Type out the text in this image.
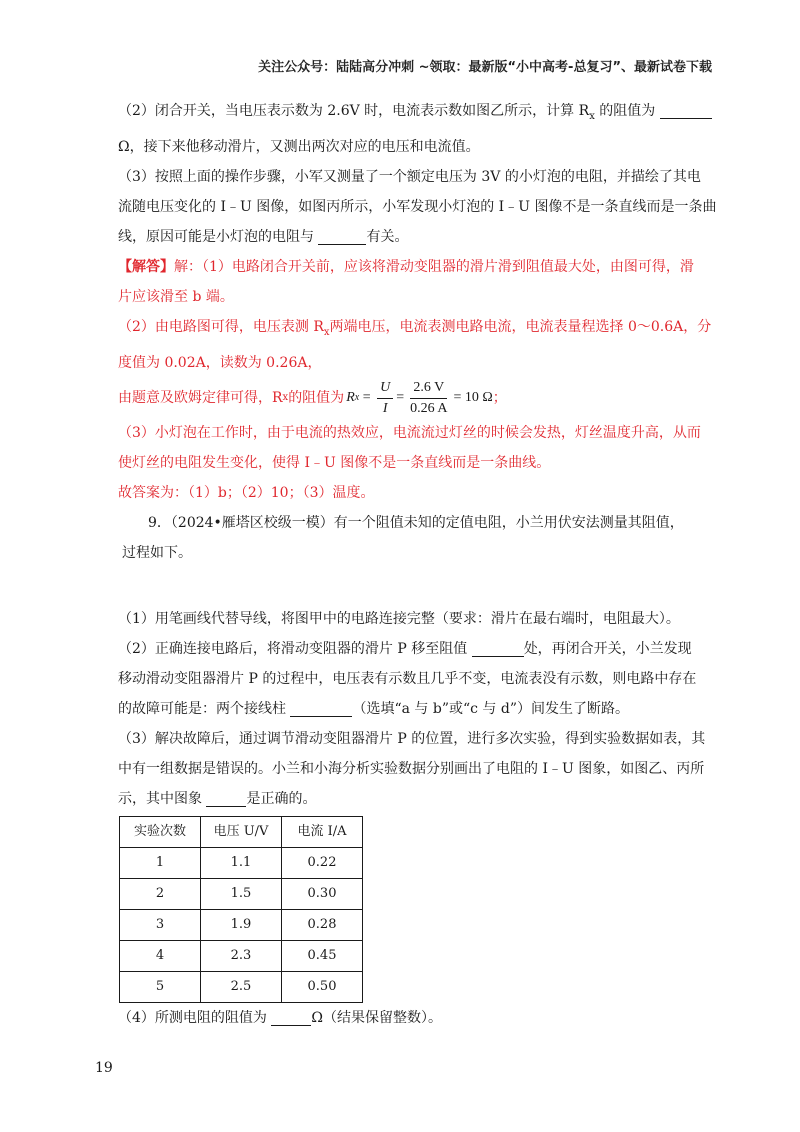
关注公众号：陆陆高分冲刺 ~领取：最新版“小中高考-总复习”、最新试卷下载
（2）闭合开关，当电压表示数为 2.6V 时，电流表示数如图乙所示，计算 $R_x$ 的阻值为
Ω，接下来他移动滑片，又测出两次对应的电压和电流值。
（3）按照上面的操作步骤，小军又测量了一个额定电压为 3V 的小灯泡的电阻，并描绘了其电
流随电压变化的 I﹣U 图像，如图丙所示，小军发现小灯泡的 I﹣U 图像不是一条直线而是一条曲
线，原因可能是小灯泡的电阻与	有关。
【解答】解：（1）电路闭合开关前，应该将滑动变阻器的滑片滑到阻值最大处，由图可得，滑
片应该滑至 b 端。
（2）由电路图可得，电压表测 $R_x$两端电压，电流表测电路电流，电流表量程选择 0～0.6A，分
度值为 0.02A，读数为 0.26A，
由题意及欧姆定律可得，R x 的阻值为 R $x = \frac{U}{I} = \frac{2.6 V}{0.26 A} = 10$ Ω ；
（3）小灯泡在工作时，由于电流的热效应，电流流过灯丝的时候会发热，灯丝温度升高，从而
使灯丝的电阻发生变化，使得 I﹣U 图像不是一条直线而是一条曲线。
故答案为：（1）b；（2）10；（3）温度。
9．（2024•雁塔区校级一模）有一个阻值未知的定值电阻，小兰用伏安法测量其阻值，
过程如下。
（1）用笔画线代替导线，将图甲中的电路连接完整（要求：滑片在最右端时，电阻最大）。
（2）正确连接电路后，将滑动变阻器的滑片 P 移至阻值	处，再闭合开关，小兰发现
移动滑动变阻器滑片 P 的过程中，电压表有示数且几乎不变，电流表没有示数，则电路中存在
的故障可能是：两个接线柱	（选填“a 与 b”或“c 与 d”）间发生了断路。
（3）解决故障后，通过调节滑动变阻器滑片 P 的位置，进行多次实验，得到实验数据如表，其
中有一组数据是错误的。小兰和小海分析实验数据分别画出了电阻的 I﹣U 图象，如图乙、丙所
示，其中图象	是正确的。
实验次数	电压 U/V	电流 I/A
1	1.1	0.22
2	1.5	0.30
3	1.9	0.28
4	2.3	0.45
5	2.5	0.50
（4）所测电阻的阻值为	Ω（结果保留整数）。
19
